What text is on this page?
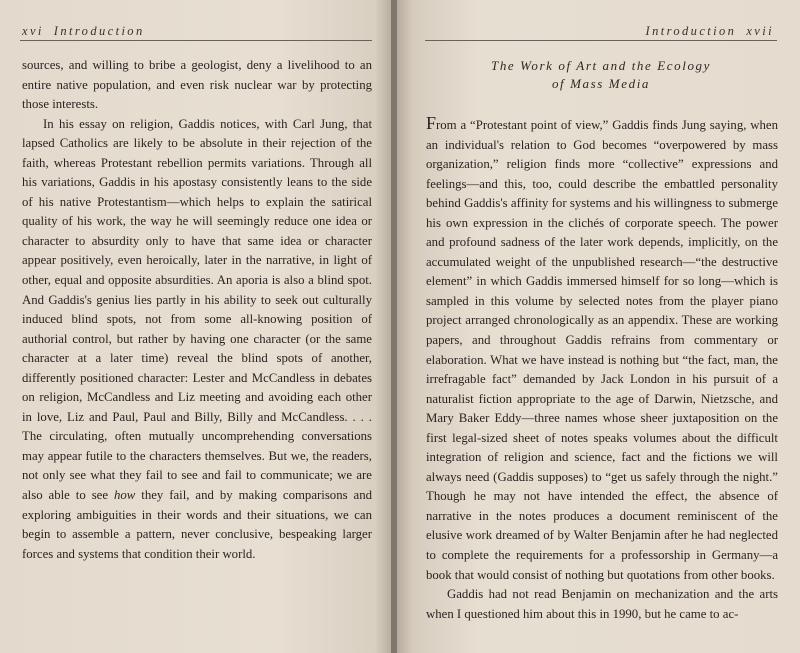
xvi Introduction

sources, and willing to bribe a geologist, deny a livelihood to an entire native population, and even risk nuclear war by protecting those interests.

In his essay on religion, Gaddis notices, with Carl Jung, that lapsed Catholics are likely to be absolute in their rejection of the faith, whereas Protestant rebellion permits variations. Through all his variations, Gaddis in his apostasy consistently leans to the side of his native Protestantism—which helps to explain the satirical quality of his work, the way he will seemingly reduce one idea or character to absurdity only to have that same idea or character appear positively, even heroically, later in the narrative, in light of other, equal and opposite absurdities. An aporia is also a blind spot. And Gaddis's genius lies partly in his ability to seek out culturally induced blind spots, not from some all-knowing position of authorial control, but rather by having one character (or the same character at a later time) reveal the blind spots of another, differently positioned character: Lester and McCandless in debates on religion, McCandless and Liz meeting and avoiding each other in love, Liz and Paul, Paul and Billy, Billy and McCandless. . . . The circulating, often mutually uncomprehending conversations may appear futile to the characters themselves. But we, the readers, not only see what they fail to see and fail to communicate; we are also able to see how they fail, and by making comparisons and exploring ambiguities in their words and their situations, we can begin to assemble a pattern, never conclusive, bespeaking larger forces and systems that condition their world.

Introduction xvii
The Work of Art and the Ecology
of Mass Media

From a “Protestant point of view,” Gaddis finds Jung saying, when an individual's relation to God becomes “overpowered by mass organization,” religion finds more “collective” expressions and feelings—and this, too, could describe the embattled personality behind Gaddis's affinity for systems and his willingness to submerge his own expression in the clichés of corporate speech. The power and profound sadness of the later work depends, implicitly, on the accumulated weight of the unpublished research—“the destructive element” in which Gaddis immersed himself for so long—which is sampled in this volume by selected notes from the player piano project arranged chronologically as an appendix. These are working papers, and throughout Gaddis refrains from commentary or elaboration. What we have instead is nothing but “the fact, man, the irrefragable fact” demanded by Jack London in his pursuit of a naturalist fiction appropriate to the age of Darwin, Nietzsche, and Mary Baker Eddy—three names whose sheer juxtaposition on the first legal-sized sheet of notes speaks volumes about the difficult integration of religion and science, fact and the fictions we will always need (Gaddis supposes) to “get us safely through the night.” Though he may not have intended the effect, the absence of narrative in the notes produces a document reminiscent of the elusive work dreamed of by Walter Benjamin after he had neglected to complete the requirements for a professorship in Germany—a book that would consist of nothing but quotations from other books.

Gaddis had not read Benjamin on mechanization and the arts when I questioned him about this in 1990, but he came to ac-
